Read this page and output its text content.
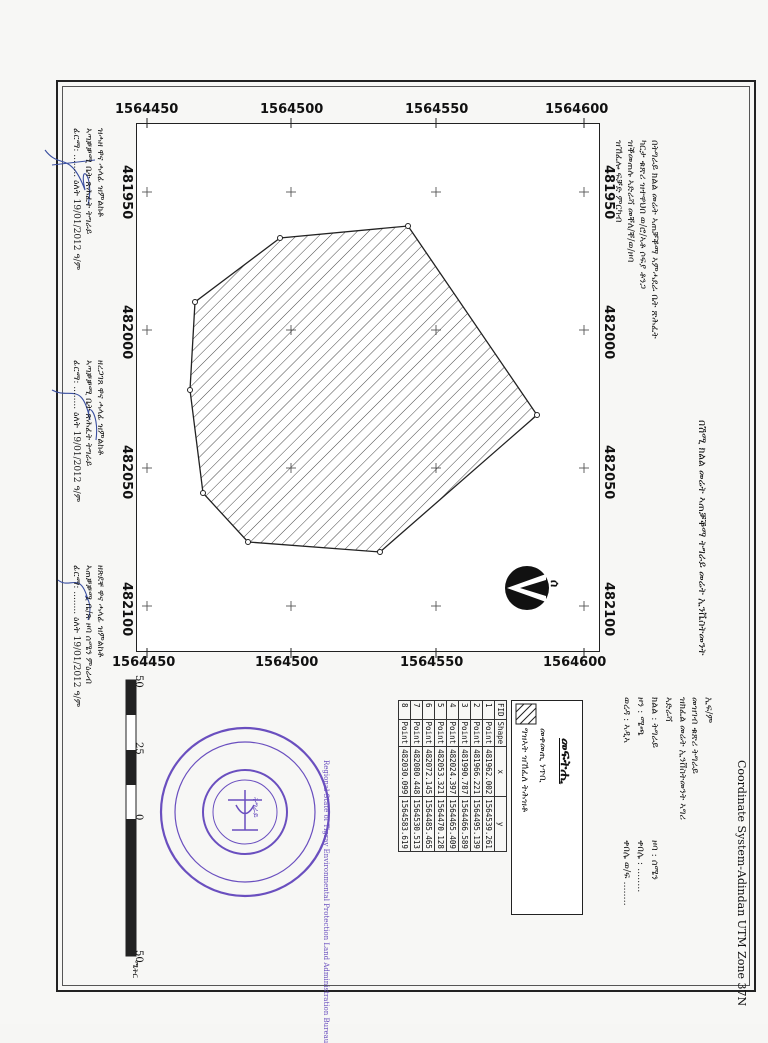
1564450	1564500	1564550	1564600
1564450	1564500	1564550	1564600
481950
482000
482050
482100
481950
482000
482050
482100
FID	Shape	x	y
1	Point	481962.002	1564539.261
2	Point	481966.221	1564495.139
3	Point	481990.787	1564466.589
4	Point	482024.397	1564465.409
5	Point	482053.321	1564470.128
6	Point	482072.145	1564485.465
7	Point	482080.448	1564530.513
8	Point	482030.099	1564583.619
መፍትሒ
መቀመጢ ነጥቢ
ግዝኣት ዝኸፈለ ትሕዝቶ
በትግራይ ክልል መሬት ኣጠቓቕማ ኣምሓደራ ቤት ጽሕፈት
ካርታ ቁጽሪ ዝተዋህበ ወ/ሮ/ኣቶ ሶፍያ ቶንጋ
ዝቕመጠሉ ኣድራሻ መቐለ/ቐ/ወ/ዞባ
ዝኸፈሎ ፍቓድ ምርካብ
በሽሚ ክልል መሬት ኣጠቓቕማ ትግራይ መሬት ኢንቬስትመንት
ኢፍ/ም
መዝገብ ቁጽሪ ትግራይ
ዝክፈል መሬት ኢንቨስትመንት ኣግሪ
ኣድራሻ
ክልል : ትግራይ
ዞባ : ሰሜን
ዞን : ሜጫ
ቀበሌ : ........
ወረዳ : ኣዲኣ
ቀበሌ ወ/ፍ ........	Coordinate System-Adindan UTM Zone 37N
ዝሓዘ ዋና ሓላፊ ዝምልከቶ
ኣጣቓቓሚ ቤት ጽሕፈት ትግራይ
ፊርማ: ........ ዕለት 19/01/2012 ዓ/ም
ዘረጋገጸ ዋና ሓላፊ ዝምልከቶ
ኣጣቓቓሚ ቤት ጽሕፈት ትግራይ
ፊርማ: ........ ዕለት 19/01/2012 ዓ/ም
ዘጽደቐ ዋና ሓላፊ ዝምልከቶ
ኣጠቓቓሚ ቤ/ጽ ዞባ ሰሜን ምዕራብ
ፊርማ: ........ ዕለት 19/01/2012 ዓ/ም	50
25
0
50
ሜትር
ሰ
Regional State of Tigray Environmental Protection Land Administration Bureau
ትግራይ
